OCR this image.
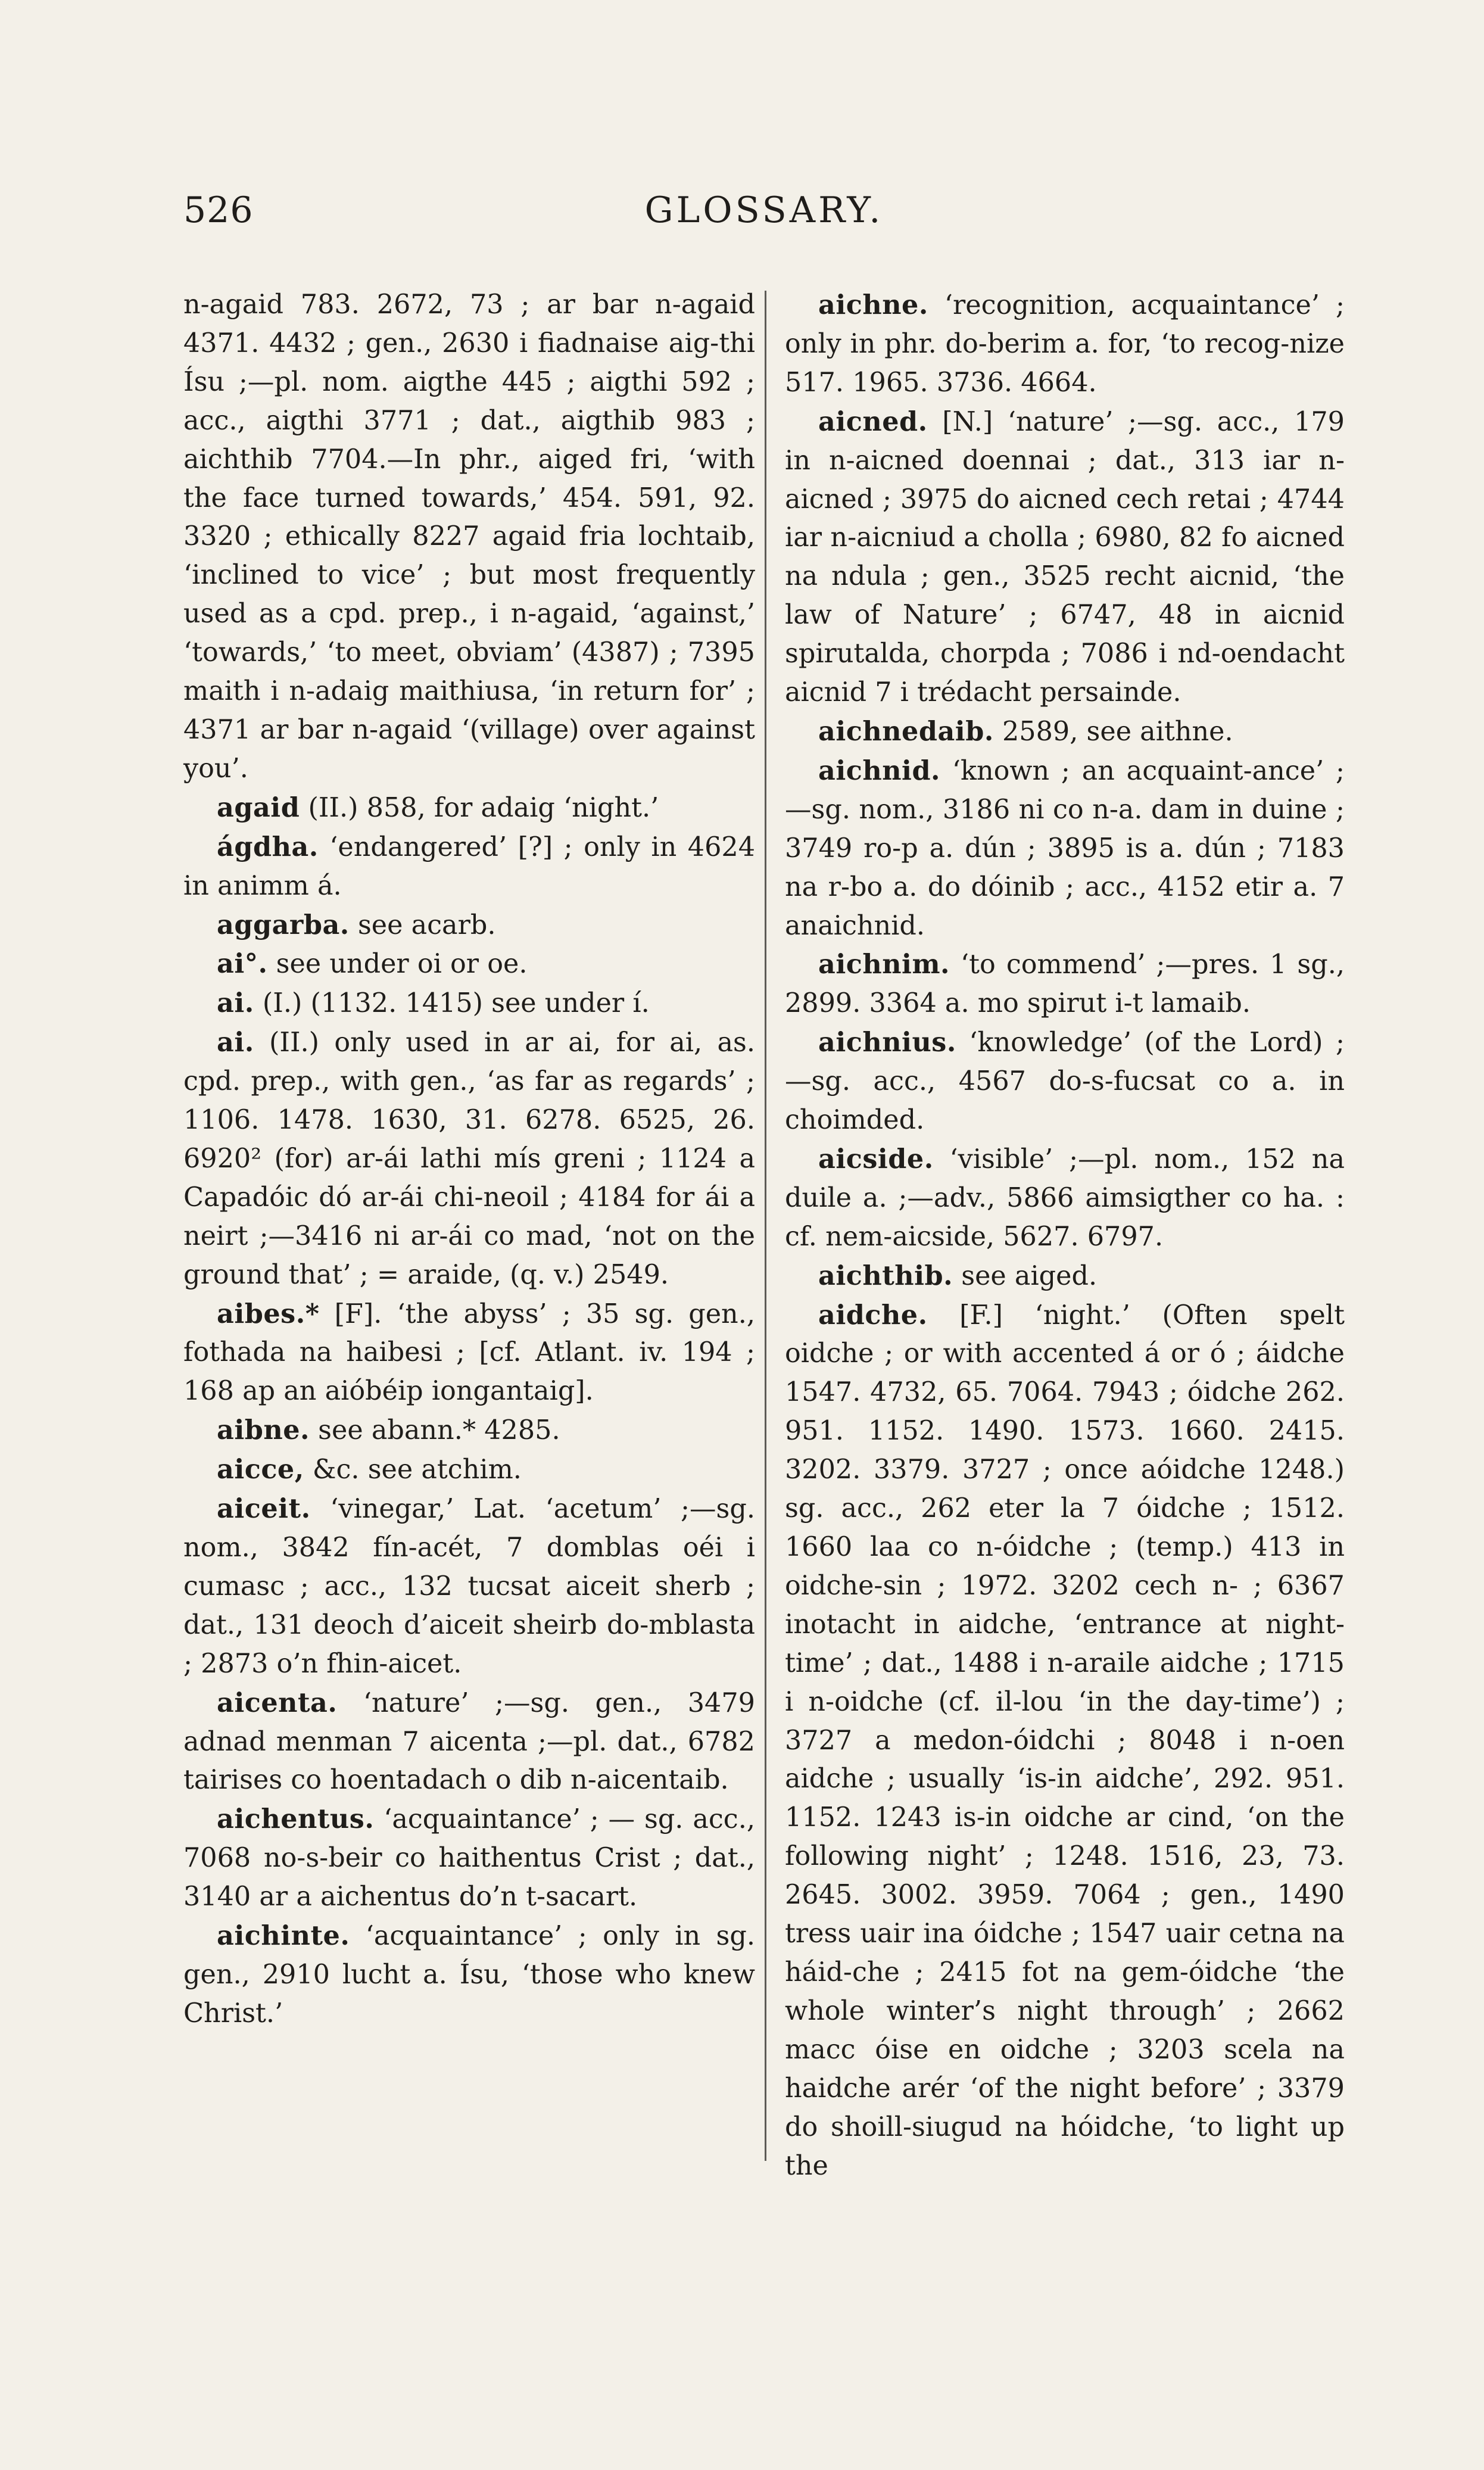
526	GLOSSARY.

n-agaid 783. 2672, 73 ; ar bar n-agaid 4371. 4432 ; gen., 2630 i fiadnaise aig-thi Ísu ;—pl. nom. aigthe 445 ; aigthi 592 ; acc., aigthi 3771 ; dat., aigthib 983 ; aichthib 7704.—In phr., aiged fri, ‘with the face turned towards,’ 454. 591, 92. 3320 ; ethically 8227 agaid fria lochtaib, ‘inclined to vice’ ; but most frequently used as a cpd. prep., i n-agaid, ‘against,’ ‘towards,’ ‘to meet, obviam’ (4387) ; 7395 maith i n-adaig maithiusa, ‘in return for’ ; 4371 ar bar n-agaid ‘(village) over against you’.

agaid (II.) 858, for adaig ‘night.’

ágdha. ‘endangered’ [?] ; only in 4624 in animm á.

aggarba. see acarb.

ai°. see under oi or oe.

ai. (I.) (1132. 1415) see under í.

ai. (II.) only used in ar ai, for ai, as. cpd. prep., with gen., ‘as far as regards’ ; 1106. 1478. 1630, 31. 6278. 6525, 26. 6920² (for) ar-ái lathi mís greni ; 1124 a Capadóic dó ar-ái chi-neoil ; 4184 for ái a neirt ;—3416 ni ar-ái co mad, ‘not on the ground that’ ; = araide, (q. v.) 2549.

aibes.* [F]. ‘the abyss’ ; 35 sg. gen., fothada na haibesi ; [cf. Atlant. iv. 194 ; 168 ap an aióbéip iongantaig].

aibne. see abann.* 4285.

aicce, &c. see atchim.

aiceit. ‘vinegar,’ Lat. ‘acetum’ ;—sg. nom., 3842 fín-acét, 7 domblas oéi i cumasc ; acc., 132 tucsat aiceit sherb ; dat., 131 deoch d’aiceit sheirb do-mblasta ; 2873 o’n fhin-aicet.

aicenta. ‘nature’ ;—sg. gen., 3479 adnad menman 7 aicenta ;—pl. dat., 6782 tairises co hoentadach o dib n-aicentaib.

aichentus. ‘acquaintance’ ; — sg. acc., 7068 no-s-beir co haithentus Crist ; dat., 3140 ar a aichentus do’n t-sacart.

aichinte. ‘acquaintance’ ; only in sg. gen., 2910 lucht a. Ísu, ‘those who knew Christ.’

aichne. ‘recognition, acquaintance’ ; only in phr. do-berim a. for, ‘to recog-nize 517. 1965. 3736. 4664.

aicned. [N.] ‘nature’ ;—sg. acc., 179 in n-aicned doennai ; dat., 313 iar n-aicned ; 3975 do aicned cech retai ; 4744 iar n-aicniud a cholla ; 6980, 82 fo aicned na ndula ; gen., 3525 recht aicnid, ‘the law of Nature’ ; 6747, 48 in aicnid spirutalda, chorpda ; 7086 i nd-oendacht aicnid 7 i trédacht persainde.

aichnedaib. 2589, see aithne.

aichnid. ‘known ; an acquaint-ance’ ;—sg. nom., 3186 ni co n-a. dam in duine ; 3749 ro-p a. dún ; 3895 is a. dún ; 7183 na r-bo a. do dóinib ; acc., 4152 etir a. 7 anaichnid.

aichnim. ‘to commend’ ;—pres. 1 sg., 2899. 3364 a. mo spirut i-t lamaib.

aichnius. ‘knowledge’ (of the Lord) ;—sg. acc., 4567 do-s-fucsat co a. in choimded.

aicside. ‘visible’ ;—pl. nom., 152 na duile a. ;—adv., 5866 aimsigther co ha. : cf. nem-aicside, 5627. 6797.

aichthib. see aiged.

aidche. [F.] ‘night.’ (Often spelt oidche ; or with accented á or ó ; áidche 1547. 4732, 65. 7064. 7943 ; óidche 262. 951. 1152. 1490. 1573. 1660. 2415. 3202. 3379. 3727 ; once aóidche 1248.) sg. acc., 262 eter la 7 óidche ; 1512. 1660 laa co n-óidche ; (temp.) 413 in oidche-sin ; 1972. 3202 cech n- ; 6367 inotacht in aidche, ‘entrance at night-time’ ; dat., 1488 i n-araile aidche ; 1715 i n-oidche (cf. il-lou ‘in the day-time’) ; 3727 a medon-óidchi ; 8048 i n-oen aidche ; usually ‘is-in aidche’, 292. 951. 1152. 1243 is-in oidche ar cind, ‘on the following night’ ; 1248. 1516, 23, 73. 2645. 3002. 3959. 7064 ; gen., 1490 tress uair ina óidche ; 1547 uair cetna na háid-che ; 2415 fot na gem-óidche ‘the whole winter’s night through’ ; 2662 macc óise en oidche ; 3203 scela na haidche arér ‘of the night before’ ; 3379 do shoill-siugud na hóidche, ‘to light up the
